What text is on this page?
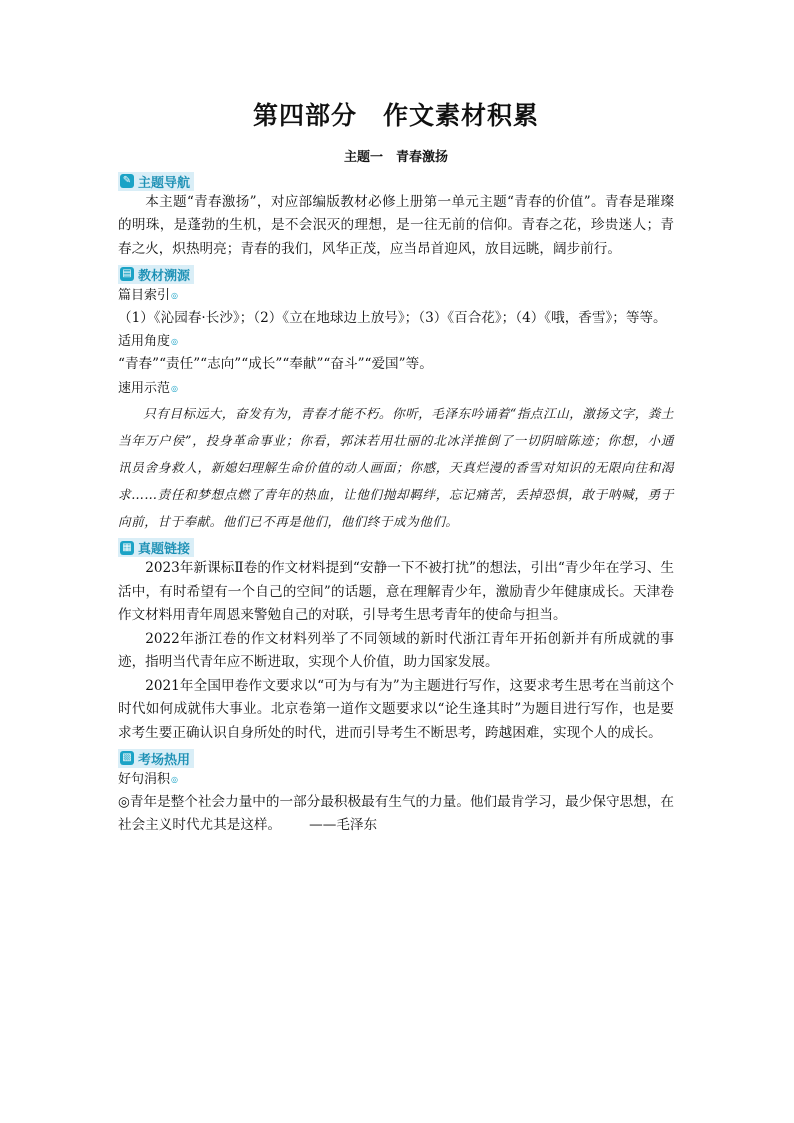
第四部分　作文素材积累
主题一　青春激扬
✎ 主题导航

本主题“青春激扬”，对应部编版教材必修上册第一单元主题“青春的价值”。青春是璀璨的明珠，是蓬勃的生机，是不会泯灭的理想，是一往无前的信仰。青春之花，珍贵迷人；青春之火，炽热明亮；青春的我们，风华正茂，应当昂首迎风，放目远眺，阔步前行。

▤ 教材溯源
篇目索引◎

（1）《沁园春·长沙》；（2）《立在地球边上放号》；（3）《百合花》；（4）《哦，香雪》；等等。

适用角度◎

“青春”“责任”“志向”“成长”“奉献”“奋斗”“爱国”等。

速用示范◎

只有目标远大，奋发有为，青春才能不朽。你听，毛泽东吟诵着“指点江山，激扬文字，粪土当年万户侯”，投身革命事业；你看，郭沫若用壮丽的北冰洋推倒了一切阴暗陈迹；你想，小通讯员舍身救人，新媳妇理解生命价值的动人画面；你感，天真烂漫的香雪对知识的无限向往和渴求……责任和梦想点燃了青年的热血，让他们抛却羁绊，忘记痛苦，丢掉恐惧，敢于呐喊，勇于向前，甘于奉献。他们已不再是他们，他们终于成为他们。

▦ 真题链接

2023年新课标Ⅱ卷的作文材料提到“安静一下不被打扰”的想法，引出“青少年在学习、生活中，有时希望有一个自己的空间”的话题，意在理解青少年，激励青少年健康成长。天津卷作文材料用青年周恩来警勉自己的对联，引导考生思考青年的使命与担当。

2022年浙江卷的作文材料列举了不同领域的新时代浙江青年开拓创新并有所成就的事迹，指明当代青年应不断进取，实现个人价值，助力国家发展。

2021年全国甲卷作文要求以“可为与有为”为主题进行写作，这要求考生思考在当前这个时代如何成就伟大事业。北京卷第一道作文题要求以“论生逢其时”为题目进行写作，也是要求考生要正确认识自身所处的时代，进而引导考生不断思考，跨越困难，实现个人的成长。

▧ 考场热用
好句涓积◎

◎青年是整个社会力量中的一部分最积极最有生气的力量。他们最肯学习，最少保守思想，在社会主义时代尤其是这样。 ——毛泽东
